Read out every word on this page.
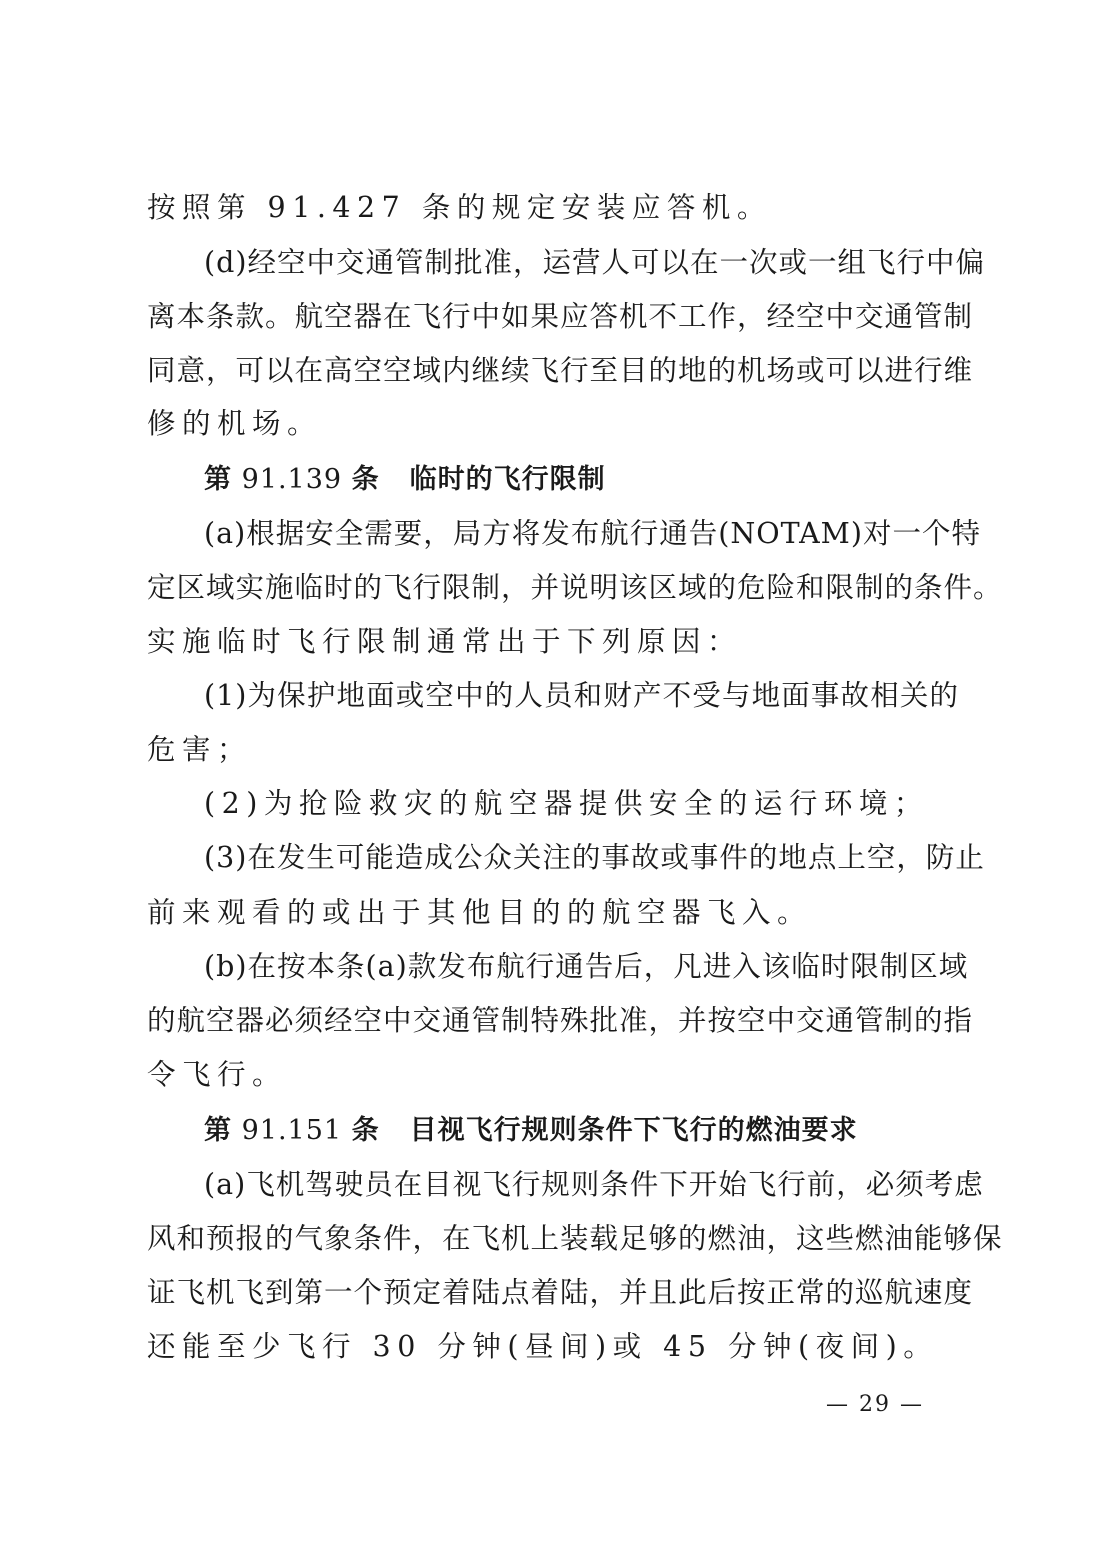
按照第 91.427 条的规定安装应答机。
(d)经空中交通管制批准，运营人可以在一次或一组飞行中偏
离本条款。航空器在飞行中如果应答机不工作，经空中交通管制
同意，可以在高空空域内继续飞行至目的地的机场或可以进行维
修的机场。
第 91.139 条 临时的飞行限制
(a)根据安全需要，局方将发布航行通告(NOTAM)对一个特
定区域实施临时的飞行限制，并说明该区域的危险和限制的条件。
实施临时飞行限制通常出于下列原因：
(1)为保护地面或空中的人员和财产不受与地面事故相关的
危害；
(2)为抢险救灾的航空器提供安全的运行环境；
(3)在发生可能造成公众关注的事故或事件的地点上空，防止
前来观看的或出于其他目的的航空器飞入。
(b)在按本条(a)款发布航行通告后，凡进入该临时限制区域
的航空器必须经空中交通管制特殊批准，并按空中交通管制的指
令飞行。
第 91.151 条 目视飞行规则条件下飞行的燃油要求
(a)飞机驾驶员在目视飞行规则条件下开始飞行前，必须考虑
风和预报的气象条件，在飞机上装载足够的燃油，这些燃油能够保
证飞机飞到第一个预定着陆点着陆，并且此后按正常的巡航速度
还能至少飞行 30 分钟(昼间)或 45 分钟(夜间)。
— 29 —
